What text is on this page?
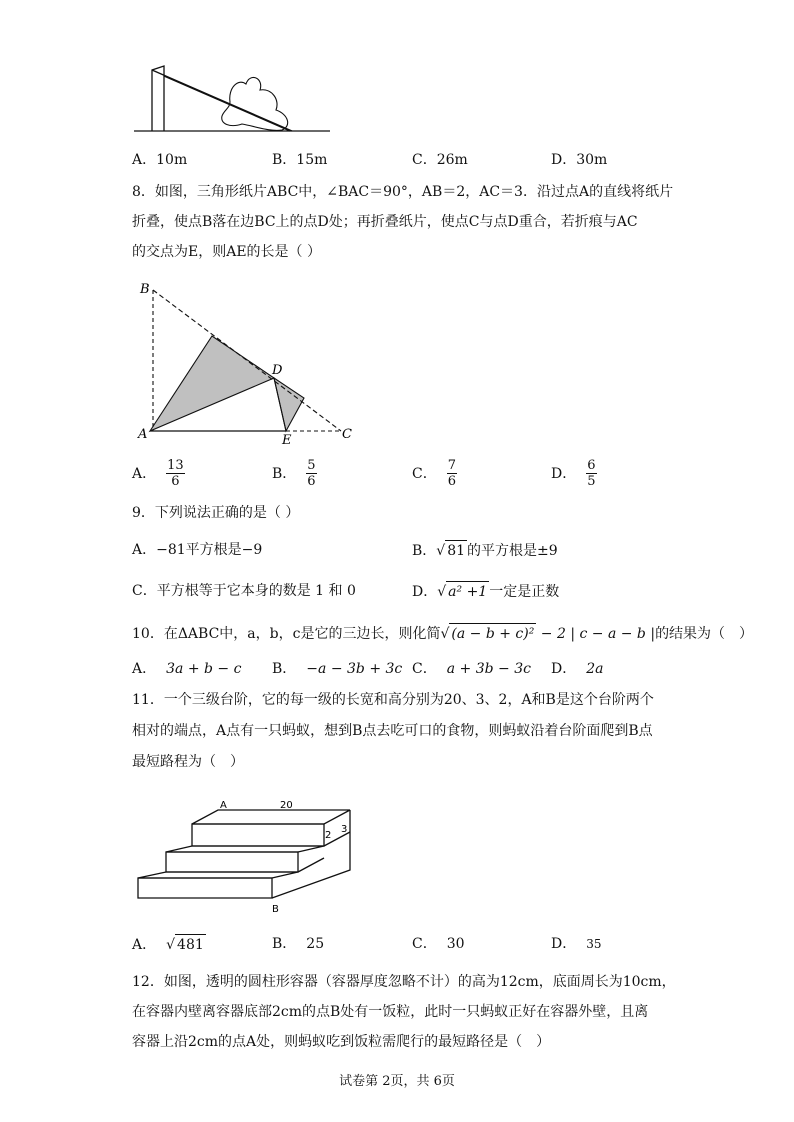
A．10m	B．15m	C．26m	D．30m
8．如图，三角形纸片ABC中，∠BAC＝90°，AB＝2，AC＝3．沿过点A的直线将纸片
折叠，使点B落在边BC上的点D处；再折叠纸片，使点C与点D重合，若折痕与AC
的交点为E，则AE的长是（ ）
B
A
D
E	C
A． $\frac{13}{6}$	B． $\frac{5}{6}$	C． $\frac{7}{6}$	D． $\frac{6}{5}$
9．下列说法正确的是（ ）
A．−81平方根是−9	B．√ 81 的平方根是±9
C．平方根等于它本身的数是 1 和 0	D．√ a² +1 一定是正数
10．在ΔABC中，a，b，c是它的三边长，则化简√ (a − b + c)² − 2 | c − a − b |的结果为（　）
A． 3a + b − c B． −a − 3b + 3c C． a + 3b − 3c D． 2a
11．一个三级台阶，它的每一级的长宽和高分别为20、3、2，A和B是这个台阶两个
相对的端点，A点有一只蚂蚁，想到B点去吃可口的食物，则蚂蚁沿着台阶面爬到B点
最短路程为（　）
A	20
3
2
B
A． √ 481	B． 25	C． 30	D． 35
12．如图，透明的圆柱形容器（容器厚度忽略不计）的高为12cm，底面周长为10cm，
在容器内壁离容器底部2cm的点B处有一饭粒，此时一只蚂蚁正好在容器外壁，且离
容器上沿2cm的点A处，则蚂蚁吃到饭粒需爬行的最短路径是（　）
试卷第 2页，共 6页
